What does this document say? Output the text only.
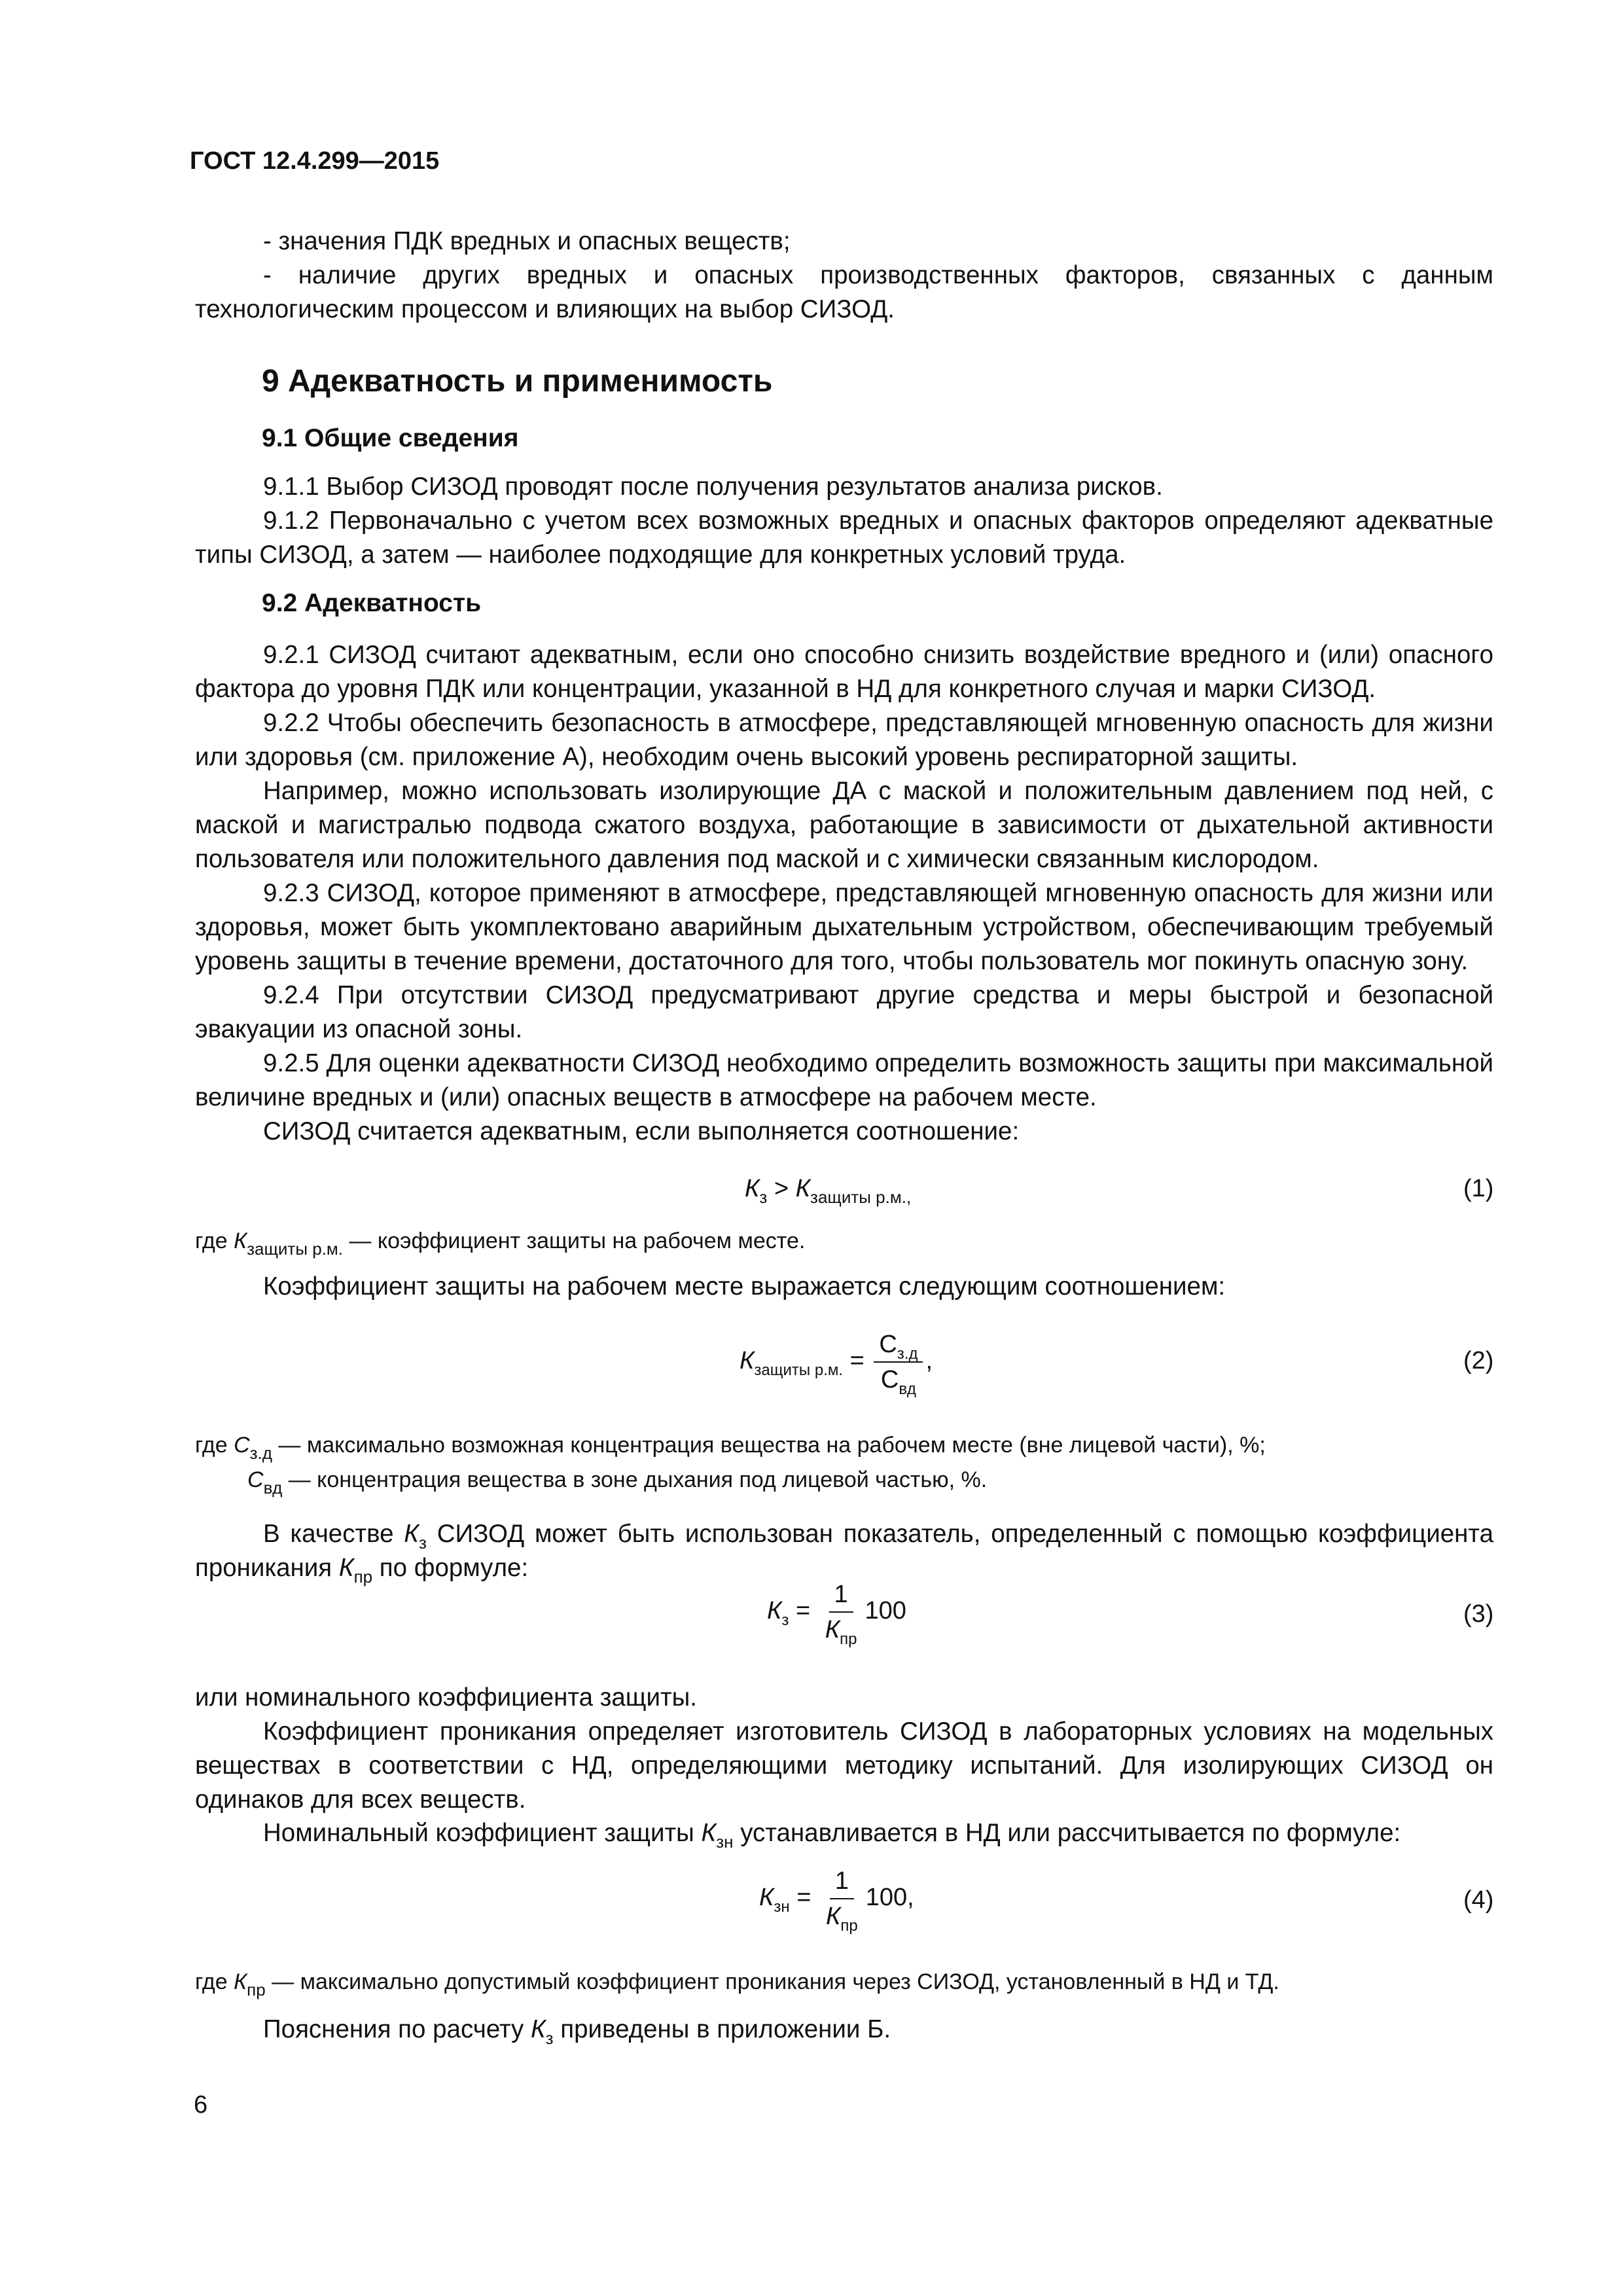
ГОСТ 12.4.299—2015

- значения ПДК вредных и опасных веществ;

- наличие других вредных и опасных производственных факторов, связанных с данным технологическим процессом и влияющих на выбор СИЗОД.

9 Адекватность и применимость
9.1 Общие сведения

9.1.1 Выбор СИЗОД проводят после получения результатов анализа рисков.

9.1.2 Первоначально с учетом всех возможных вредных и опасных факторов определяют адекватные типы СИЗОД, а затем — наиболее подходящие для конкретных условий труда.

9.2 Адекватность

9.2.1 СИЗОД считают адекватным, если оно способно снизить воздействие вредного и (или) опасного фактора до уровня ПДК или концентрации, указанной в НД для конкретного случая и марки СИЗОД.

9.2.2 Чтобы обеспечить безопасность в атмосфере, представляющей мгновенную опасность для жизни или здоровья (см. приложение А), необходим очень высокий уровень респираторной защиты.

Например, можно использовать изолирующие ДА с маской и положительным давлением под ней, с маской и магистралью подвода сжатого воздуха, работающие в зависимости от дыхательной активности пользователя или положительного давления под маской и с химически связанным кислородом.

9.2.3 СИЗОД, которое применяют в атмосфере, представляющей мгновенную опасность для жизни или здоровья, может быть укомплектовано аварийным дыхательным устройством, обеспечивающим требуемый уровень защиты в течение времени, достаточного для того, чтобы пользователь мог покинуть опасную зону.

9.2.4 При отсутствии СИЗОД предусматривают другие средства и меры быстрой и безопасной эвакуации из опасной зоны.

9.2.5 Для оценки адекватности СИЗОД необходимо определить возможность защиты при максимальной величине вредных и (или) опасных веществ в атмосфере на рабочем месте.

СИЗОД считается адекватным, если выполняется соотношение:

$К_з > К_{защиты р.м.,}$	(1)
где $К_{защиты р.м.}$ — коэффициент защиты на рабочем месте.
Коэффициент защиты на рабочем месте выражается следующим соотношением:
$К_{защиты р.м.} = \frac{С_{з.д}}{С_{вд}}$ ,	(2)
где $С_{з.д}$ — максимально возможная концентрация вещества на рабочем месте (вне лицевой части), %;
$С_{вд}$ — концентрация вещества в зоне дыхания под лицевой частью, %.

В качестве $К_з$ СИЗОД может быть использован показатель, определенный с помощью коэффициента проникания $К_{пр}$ по формуле:

$К_з = \frac{1}{К_{пр}} 100$	(3)
или номинального коэффициента защиты.

Коэффициент проникания определяет изготовитель СИЗОД в лабораторных условиях на модельных веществах в соответствии с НД, определяющими методику испытаний. Для изолирующих СИЗОД он одинаков для всех веществ.

Номинальный коэффициент защиты $К_{зн}$ устанавливается в НД или рассчитывается по формуле:
$К_{зн} = \frac{1}{К_{пр}} 100$,	(4)
где $К_{пр}$ — максимально допустимый коэффициент проникания через СИЗОД, установленный в НД и ТД.
Пояснения по расчету $К_з$ приведены в приложении Б.
6
